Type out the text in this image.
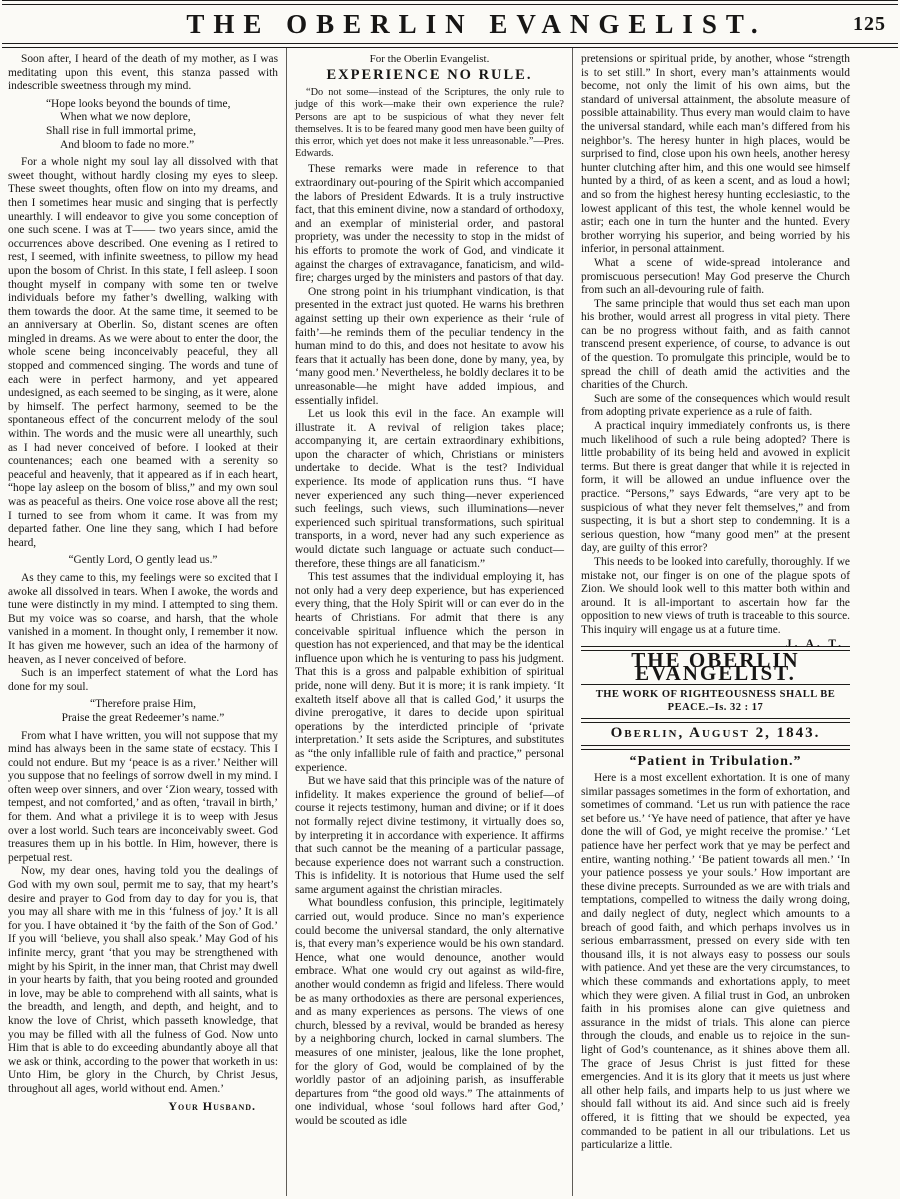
THE OBERLIN EVANGELIST.	125

Soon after, I heard of the death of my mother, as I was meditating upon this event, this stanza passed with indescrible sweetness through my mind.

“Hope looks beyond the bounds of time,
When what we now deplore,
Shall rise in full immortal prime,
And bloom to fade no more.”

For a whole night my soul lay all dissolved with that sweet thought, without hardly closing my eyes to sleep. These sweet thoughts, often flow on into my dreams, and then I sometimes hear music and singing that is perfectly unearthly. I will endeavor to give you some conception of one such scene. I was at T—— two years since, amid the occurrences above described. One evening as I retired to rest, I seemed, with infinite sweetness, to pillow my head upon the bosom of Christ. In this state, I fell asleep. I soon thought myself in company with some ten or twelve individuals before my father’s dwelling, walking with them towards the door. At the same time, it seemed to be an anniversary at Oberlin. So, distant scenes are often mingled in dreams. As we were about to enter the door, the whole scene being inconceivably peaceful, they all stopped and commenced singing. The words and tune of each were in perfect harmony, and yet appeared undesigned, as each seemed to be singing, as it were, alone by himself. The perfect harmony, seemed to be the spontaneous effect of the concurrent melody of the soul within. The words and the music were all unearthly, such as I had never conceived of before. I looked at their countenances; each one beamed with a serenity so peaceful and heavenly, that it appeared as if in each heart, “hope lay asleep on the bosom of bliss,” and my own soul was as peaceful as theirs. One voice rose above all the rest; I turned to see from whom it came. It was from my departed father. One line they sang, which I had before heard,

“Gently Lord, O gently lead us.”

As they came to this, my feelings were so excited that I awoke all dissolved in tears. When I awoke, the words and tune were distinctly in my mind. I attempted to sing them. But my voice was so coarse, and harsh, that the whole vanished in a moment. In thought only, I remember it now. It has given me however, such an idea of the harmony of heaven, as I never conceived of before.

Such is an imperfect statement of what the Lord has done for my soul.

“Therefore praise Him,
Praise the great Redeemer’s name.”

From what I have written, you will not suppose that my mind has always been in the same state of ecstacy. This I could not endure. But my ‘peace is as a river.’ Neither will you suppose that no feelings of sorrow dwell in my mind. I often weep over sinners, and over ‘Zion weary, tossed with tempest, and not comforted,’ and as often, ‘travail in birth,’ for them. And what a privilege it is to weep with Jesus over a lost world. Such tears are inconceivably sweet. God treasures them up in his bottle. In Him, however, there is perpetual rest.

Now, my dear ones, having told you the dealings of God with my own soul, permit me to say, that my heart’s desire and prayer to God from day to day for you is, that you may all share with me in this ‘fulness of joy.’ It is all for you. I have obtained it ‘by the faith of the Son of God.’ If you will ‘believe, you shall also speak.’ May God of his infinite mercy, grant ‘that you may be strengthened with might by his Spirit, in the inner man, that Christ may dwell in your hearts by faith, that you being rooted and grounded in love, may be able to comprehend with all saints, what is the breadth, and length, and depth, and height, and to know the love of Christ, which passeth knowledge, that you may be filled with all the fulness of God. Now unto Him that is able to do exceeding abundantly aboye all that we ask or think, according to the power that worketh in us: Unto Him, be glory in the Church, by Christ Jesus, throughout all ages, world without end. Amen.’

Your Husband.

For the Oberlin Evangelist.

EXPERIENCE NO RULE.

“Do not some—instead of the Scriptures, the only rule to judge of this work—make their own experience the rule? Persons are apt to be suspicious of what they never felt themselves. It is to be feared many good men have been guilty of this error, which yet does not make it less unreasonable.”—Pres. Edwards.

These remarks were made in reference to that extraordinary out-pouring of the Spirit which accompanied the labors of President Edwards. It is a truly instructive fact, that this eminent divine, now a standard of orthodoxy, and an exemplar of ministerial order, and pastoral propriety, was under the necessity to stop in the midst of his efforts to promote the work of God, and vindicate it against the charges of extravagance, fanaticism, and wild-fire; charges urged by the ministers and pastors of that day.

One strong point in his triumphant vindication, is that presented in the extract just quoted. He warns his brethren against setting up their own experience as their ‘rule of faith’—he reminds them of the peculiar tendency in the human mind to do this, and does not hesitate to avow his fears that it actually has been done, done by many, yea, by ‘many good men.’ Nevertheless, he boldly declares it to be unreasonable—he might have added impious, and essentially infidel.

Let us look this evil in the face. An example will illustrate it. A revival of religion takes place; accompanying it, are certain extraordinary exhibitions, upon the character of which, Christians or ministers undertake to decide. What is the test? Individual experience. Its mode of application runs thus. “I have never experienced any such thing—never experienced such feelings, such views, such illuminations—never experienced such spiritual transformations, such spiritual transports, in a word, never had any such experience as would dictate such language or actuate such conduct—therefore, these things are all fanaticism.”

This test assumes that the individual employing it, has not only had a very deep experience, but has experienced every thing, that the Holy Spirit will or can ever do in the hearts of Christians. For admit that there is any conceivable spiritual influence which the person in question has not experienced, and that may be the identical influence upon which he is venturing to pass his judgment. That this is a gross and palpable exhibition of spiritual pride, none will deny. But it is more; it is rank impiety. ‘It exalteth itself above all that is called God,’ it usurps the divine prerogative, it dares to decide upon spiritual operations by the interdicted principle of ‘private interpretation.’ It sets aside the Scriptures, and substitutes as “the only infallible rule of faith and practice,” personal experience.

But we have said that this principle was of the nature of infidelity. It makes experience the ground of belief—of course it rejects testimony, human and divine; or if it does not formally reject divine testimony, it virtually does so, by interpreting it in accordance with experience. It affirms that such cannot be the meaning of a particular passage, because experience does not warrant such a construction. This is infidelity. It is notorious that Hume used the self same argument against the christian miracles.

What boundless confusion, this principle, legitimately carried out, would produce. Since no man’s experience could become the universal standard, the only alternative is, that every man’s experience would be his own standard. Hence, what one would denounce, another would embrace. What one would cry out against as wild-fire, another would condemn as frigid and lifeless. There would be as many orthodoxies as there are personal experiences, and as many experiences as persons. The views of one church, blessed by a revival, would be branded as heresy by a neighboring church, locked in carnal slumbers. The measures of one minister, jealous, like the lone prophet, for the glory of God, would be complained of by the worldly pastor of an adjoining parish, as insufferable departures from “the good old ways.” The attainments of one individual, whose ‘soul follows hard after God,’ would be scouted as idle

pretensions or spiritual pride, by another, whose “strength is to set still.” In short, every man’s attainments would become, not only the limit of his own aims, but the standard of universal attainment, the absolute measure of possible attainability. Thus every man would claim to have the universal standard, while each man’s differed from his neighbor’s. The heresy hunter in high places, would be surprised to find, close upon his own heels, another heresy hunter clutching after him, and this one would see himself hunted by a third, of as keen a scent, and as loud a howl; and so from the highest heresy hunting ecclesiastic, to the lowest applicant of this test, the whole kennel would be astir; each one in turn the hunter and the hunted. Every brother worrying his superior, and being worried by his inferior, in personal attainment.

What a scene of wide-spread intolerance and promiscuous persecution! May God preserve the Church from such an all-devouring rule of faith.

The same principle that would thus set each man upon his brother, would arrest all progress in vital piety. There can be no progress without faith, and as faith cannot transcend present experience, of course, to advance is out of the question. To promulgate this principle, would be to spread the chill of death amid the activities and the charities of the Church.

Such are some of the consequences which would result from adopting private experience as a rule of faith.

A practical inquiry immediately confronts us, is there much likelihood of such a rule being adopted? There is little probability of its being held and avowed in explicit terms. But there is great danger that while it is rejected in form, it will be allowed an undue influence over the practice. “Persons,” says Edwards, “are very apt to be suspicious of what they never felt themselves,” and from suspecting, it is but a short step to condemning. It is a serious question, how “many good men” at the present day, are guilty of this error?

This needs to be looked into carefully, thoroughly. If we mistake not, our finger is on one of the plague spots of Zion. We should look well to this matter both within and around. It is all-important to ascertain how far the opposition to new views of truth is traceable to this source. This inquiry will engage us at a future time.
J. A. T.

THE OBERLIN EVANGELIST.

THE WORK OF RIGHTEOUSNESS SHALL BE PEACE.–Is. 32 : 17

Oberlin, August 2, 1843.

“Patient in Tribulation.”

Here is a most excellent exhortation. It is one of many similar passages sometimes in the form of exhortation, and sometimes of command. ‘Let us run with patience the race set before us.’ ‘Ye have need of patience, that after ye have done the will of God, ye might receive the promise.’ ‘Let patience have her perfect work that ye may be perfect and entire, wanting nothing.’ ‘Be patient towards all men.’ ‘In your patience possess ye your souls.’ How important are these divine precepts. Surrounded as we are with trials and temptations, compelled to witness the daily wrong doing, and daily neglect of duty, neglect which amounts to a breach of good faith, and which perhaps involves us in serious embarrassment, pressed on every side with ten thousand ills, it is not always easy to possess our souls with patience. And yet these are the very circumstances, to which these commands and exhortations apply, to meet which they were given. A filial trust in God, an unbroken faith in his promises alone can give quietness and assurance in the midst of trials. This alone can pierce through the clouds, and enable us to rejoice in the sun-light of God’s countenance, as it shines above them all. The grace of Jesus Christ is just fitted for these emergencies. And it is its glory that it meets us just where all other help fails, and imparts help to us just where we should fall without its aid. And since such aid is freely offered, it is fitting that we should be expected, yea commanded to be patient in all our tribulations. Let us particularize a little.
